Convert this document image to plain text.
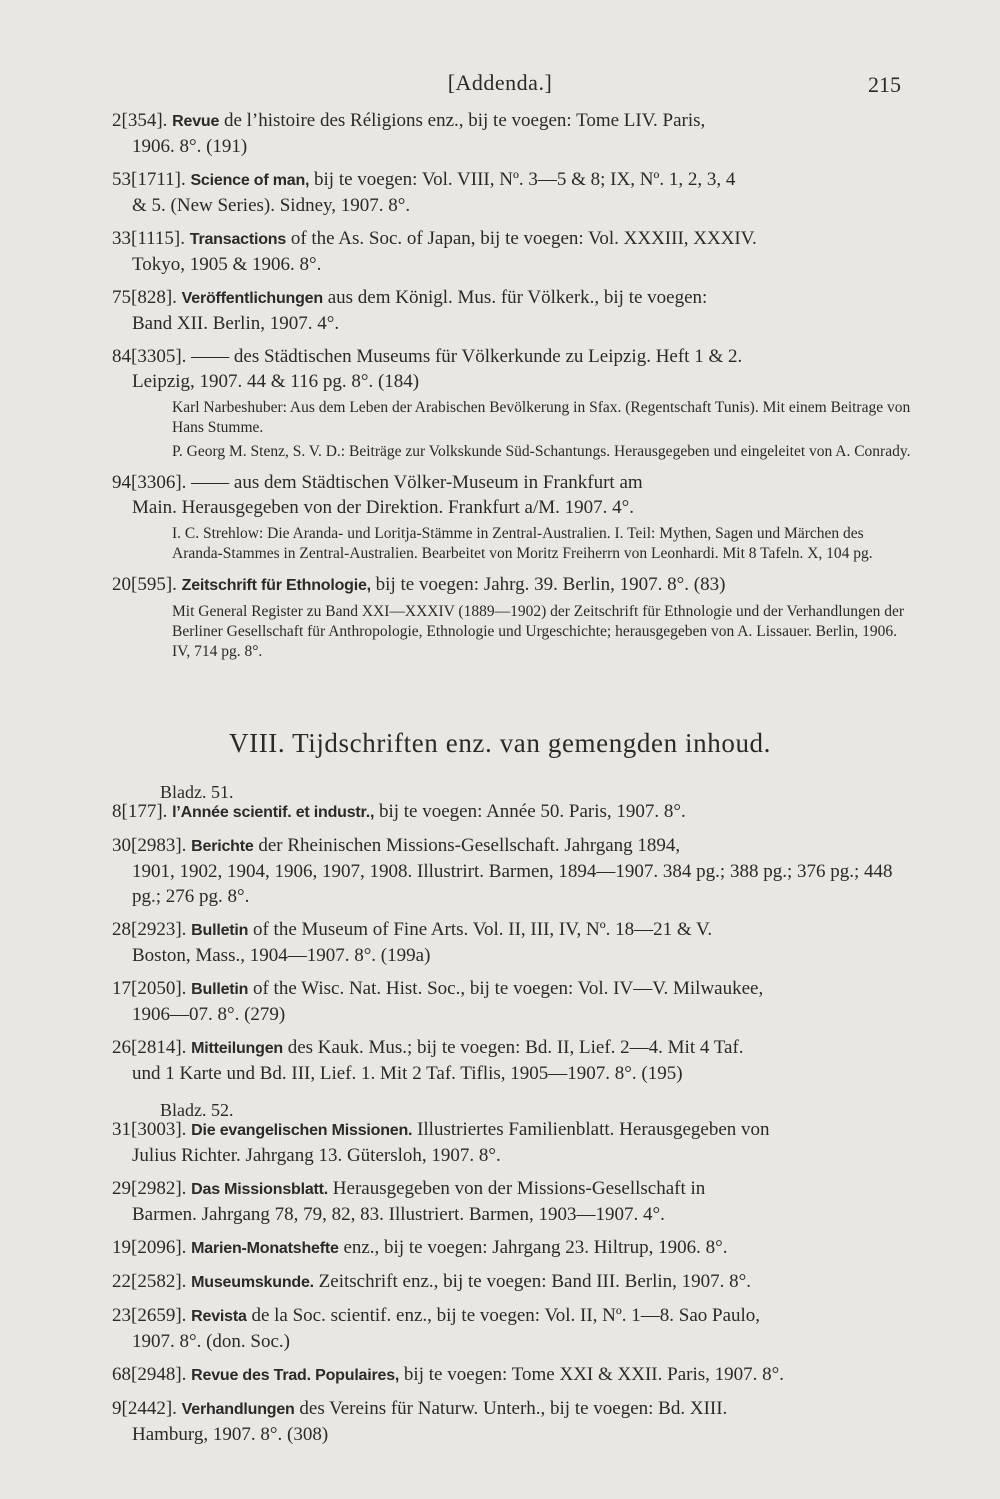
[Addenda.]	215
2[354]. Revue de l’histoire des Réligions enz., bij te voegen: Tome LIV. Paris,
1906. 8°. (191)
53[1711]. Science of man, bij te voegen: Vol. VIII, Nº. 3—5 & 8; IX, Nº. 1, 2, 3, 4
& 5. (New Series). Sidney, 1907. 8°.
33[1115]. Transactions of the As. Soc. of Japan, bij te voegen: Vol. XXXIII, XXXIV.
Tokyo, 1905 & 1906. 8°.
75[828]. Veröffentlichungen aus dem Königl. Mus. für Völkerk., bij te voegen:
Band XII. Berlin, 1907. 4°.
84[3305]. —— des Städtischen Museums für Völkerkunde zu Leipzig. Heft 1 & 2.
Leipzig, 1907. 44 & 116 pg. 8°. (184)
Karl Narbeshuber: Aus dem Leben der Arabischen Bevölkerung in Sfax. (Regentschaft Tunis). Mit einem Beitrage von Hans Stumme.
P. Georg M. Stenz, S. V. D.: Beiträge zur Volkskunde Süd-Schantungs. Herausgegeben und eingeleitet von A. Conrady.
94[3306]. —— aus dem Städtischen Völker-Museum in Frankfurt am
Main. Herausgegeben von der Direktion. Frankfurt a/M. 1907. 4°.
I. C. Strehlow: Die Aranda- und Loritja-Stämme in Zentral-Australien. I. Teil: Mythen, Sagen und Märchen des Aranda-Stammes in Zentral-Australien. Bearbeitet von Moritz Freiherrn von Leonhardi. Mit 8 Tafeln. X, 104 pg.
20[595]. Zeitschrift für Ethnologie, bij te voegen: Jahrg. 39. Berlin, 1907. 8°. (83)
Mit General Register zu Band XXI—XXXIV (1889—1902) der Zeitschrift für Ethnologie und der Verhandlungen der Berliner Gesellschaft für Anthropologie, Ethnologie und Urgeschichte; herausgegeben von A. Lissauer. Berlin, 1906. IV, 714 pg. 8°.
VIII. Tijdschriften enz. van gemengden inhoud.
Bladz. 51.
8[177]. l’Année scientif. et industr., bij te voegen: Année 50. Paris, 1907. 8°.
30[2983]. Berichte der Rheinischen Missions-Gesellschaft. Jahrgang 1894,
1901, 1902, 1904, 1906, 1907, 1908. Illustrirt. Barmen, 1894—1907. 384 pg.; 388 pg.; 376 pg.; 448 pg.; 276 pg. 8°.
28[2923]. Bulletin of the Museum of Fine Arts. Vol. II, III, IV, Nº. 18—21 & V.
Boston, Mass., 1904—1907. 8°. (199a)
17[2050]. Bulletin of the Wisc. Nat. Hist. Soc., bij te voegen: Vol. IV—V. Milwaukee,
1906—07. 8°. (279)
26[2814]. Mitteilungen des Kauk. Mus.; bij te voegen: Bd. II, Lief. 2—4. Mit 4 Taf.
und 1 Karte und Bd. III, Lief. 1. Mit 2 Taf. Tiflis, 1905—1907. 8°. (195)
Bladz. 52.
31[3003]. Die evangelischen Missionen. Illustriertes Familienblatt. Herausgegeben von
Julius Richter. Jahrgang 13. Gütersloh, 1907. 8°.
29[2982]. Das Missionsblatt. Herausgegeben von der Missions-Gesellschaft in
Barmen. Jahrgang 78, 79, 82, 83. Illustriert. Barmen, 1903—1907. 4°.
19[2096]. Marien-Monatshefte enz., bij te voegen: Jahrgang 23. Hiltrup, 1906. 8°.
22[2582]. Museumskunde. Zeitschrift enz., bij te voegen: Band III. Berlin, 1907. 8°.
23[2659]. Revista de la Soc. scientif. enz., bij te voegen: Vol. II, Nº. 1—8. Sao Paulo,
1907. 8°. (don. Soc.)
68[2948]. Revue des Trad. Populaires, bij te voegen: Tome XXI & XXII. Paris, 1907. 8°.
9[2442]. Verhandlungen des Vereins für Naturw. Unterh., bij te voegen: Bd. XIII.
Hamburg, 1907. 8°. (308)
